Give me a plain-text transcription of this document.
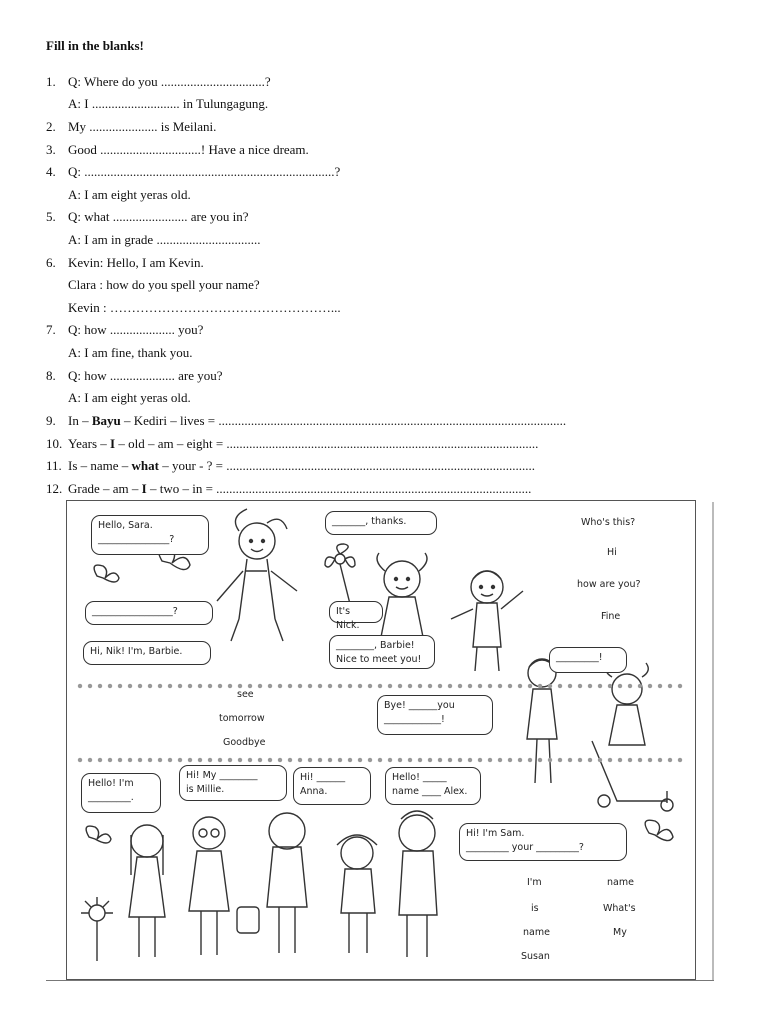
Fill in the blanks!
1. Q: Where do you ................................?
A: I ........................... in Tulungagung.
2. My ..................... is Meilani.
3. Good ...............................! Have a nice dream.
4. Q: .............................................................................?
A: I am eight yeras old.
5. Q: what ....................... are you in?
A: I am in grade ................................
6. Kevin: Hello, I am Kevin.
Clara : how do you spell your name?
Kevin : ……………………………………………...
7. Q: how .................... you?
A: I am fine, thank you.
8. Q: how .................... are you?
A: I am eight yeras old.
9. In – Bayu – Kediri – lives = ...........................................................................................................
10. Years – I – old – am – eight = ................................................................................................
11. Is – name – what – your - ? = ...............................................................................................
12. Grade – am – I – two – in = .................................................................................................
Hello, Sara.
_______________?
_________________?
Hi, Nik! I'm, Barbie.
_______, thanks.
It's Nick.
________, Barbie!
Nice to meet you!
Who's this?
Hi
how are you?
Fine
_________!
Bye! ______you
____________!
see
tomorrow
Goodbye
Hello! I'm
_________.
Hi! My ________
is Millie.
Hi! ______
Anna.
Hello! _____
name ____ Alex.
Hi! I'm Sam.
_________ your _________?
I'm
is
name
Susan
name
What's
My
